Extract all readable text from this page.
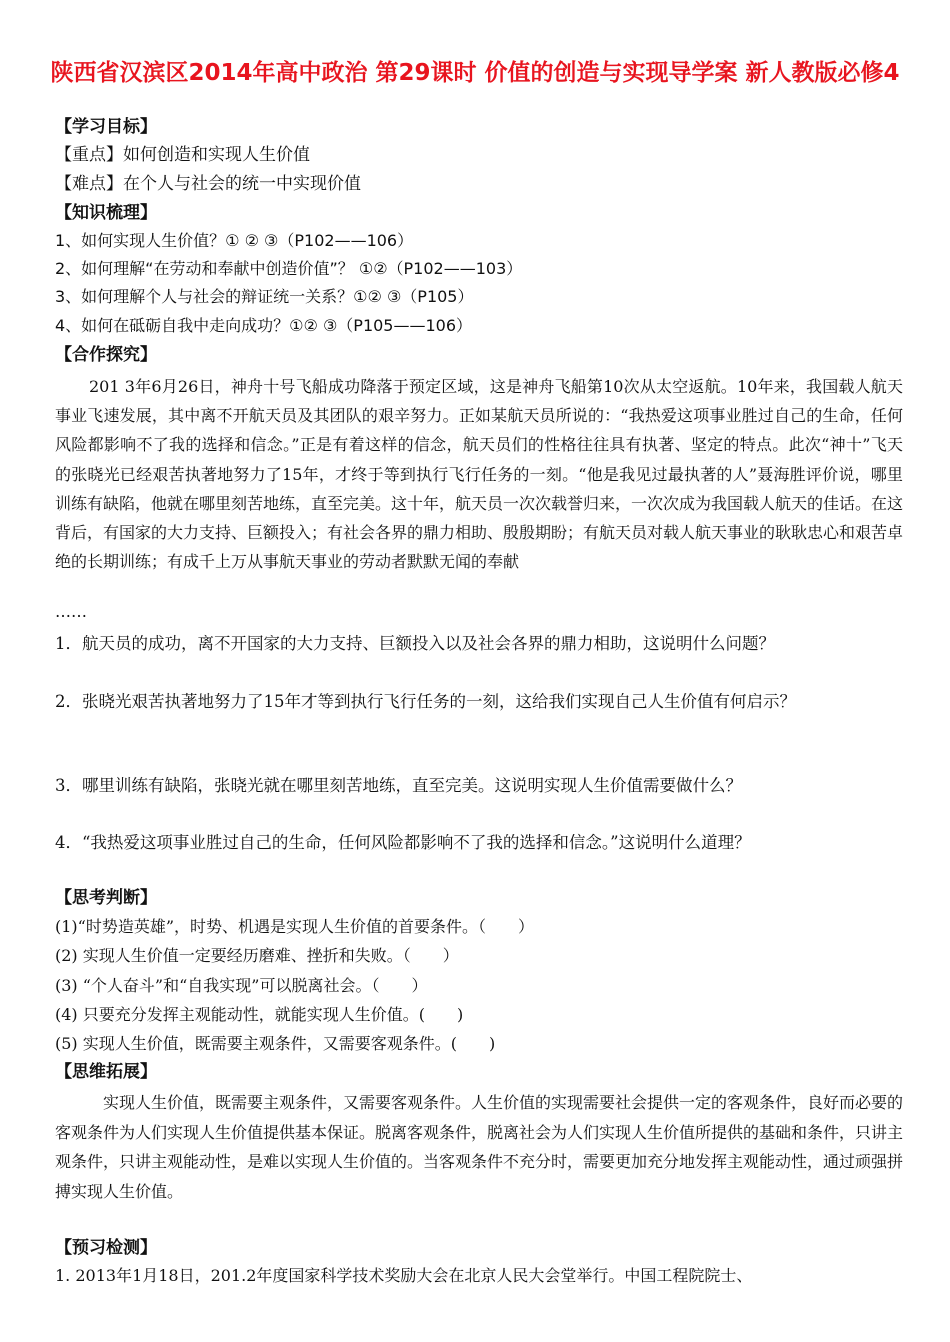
陕西省汉滨区2014年高中政治 第29课时 价值的创造与实现导学案 新人教版必修4
【学习目标】
【重点】如何创造和实现人生价值
【难点】在个人与社会的统一中实现价值
【知识梳理】
1、如何实现人生价值？① ② ③（P102——106）
2、如何理解“在劳动和奉献中创造价值”？ ①②（P102——103）
3、如何理解个人与社会的辩证统一关系？①② ③（P105）
4、如何在砥砺自我中走向成功？①② ③（P105——106）
【合作探究】
201 3年6月26日，神舟十号飞船成功降落于预定区域，这是神舟飞船第10次从太空返航。10年来，我国载人航天事业飞速发展，其中离不开航天员及其团队的艰辛努力。正如某航天员所说的：“我热爱这项事业胜过自己的生命，任何风险都影响不了我的选择和信念。”正是有着这样的信念，航天员们的性格往往具有执著、坚定的特点。此次“神十”飞天的张晓光已经艰苦执著地努力了15年，才终于等到执行飞行任务的一刻。“他是我见过最执著的人”聂海胜评价说，哪里训练有缺陷，他就在哪里刻苦地练，直至完美。这十年，航天员一次次载誉归来，一次次成为我国载人航天的佳话。在这背后，有国家的大力支持、巨额投入；有社会各界的鼎力相助、殷殷期盼；有航天员对载人航天事业的耿耿忠心和艰苦卓绝的长期训练；有成千上万从事航天事业的劳动者默默无闻的奉献
……
1．航天员的成功，离不开国家的大力支持、巨额投入以及社会各界的鼎力相助，这说明什么问题？
2．张晓光艰苦执著地努力了15年才等到执行飞行任务的一刻，这给我们实现自己人生价值有何启示？
3．哪里训练有缺陷，张晓光就在哪里刻苦地练，直至完美。这说明实现人生价值需要做什么？
4．“我热爱这项事业胜过自己的生命，任何风险都影响不了我的选择和信念。”这说明什么道理？
【思考判断】
(1)“时势造英雄”，时势、机遇是实现人生价值的首要条件。（　　）
(2) 实现人生价值一定要经历磨难、挫折和失败。（　　）
(3) “个人奋斗”和“自我实现”可以脱离社会。（　　）
(4) 只要充分发挥主观能动性，就能实现人生价值。(　　)
(5) 实现人生价值，既需要主观条件，又需要客观条件。(　　)
【思维拓展】
实现人生价值，既需要主观条件，又需要客观条件。人生价值的实现需要社会提供一定的客观条件，良好而必要的客观条件为人们实现人生价值提供基本保证。脱离客观条件，脱离社会为人们实现人生价值所提供的基础和条件，只讲主观条件，只讲主观能动性，是难以实现人生价值的。当客观条件不充分时，需要更加充分地发挥主观能动性，通过顽强拼搏实现人生价值。
【预习检测】
1. 2013年1月18日，201.2年度国家科学技术奖励大会在北京人民大会堂举行。中国工程院院士、
